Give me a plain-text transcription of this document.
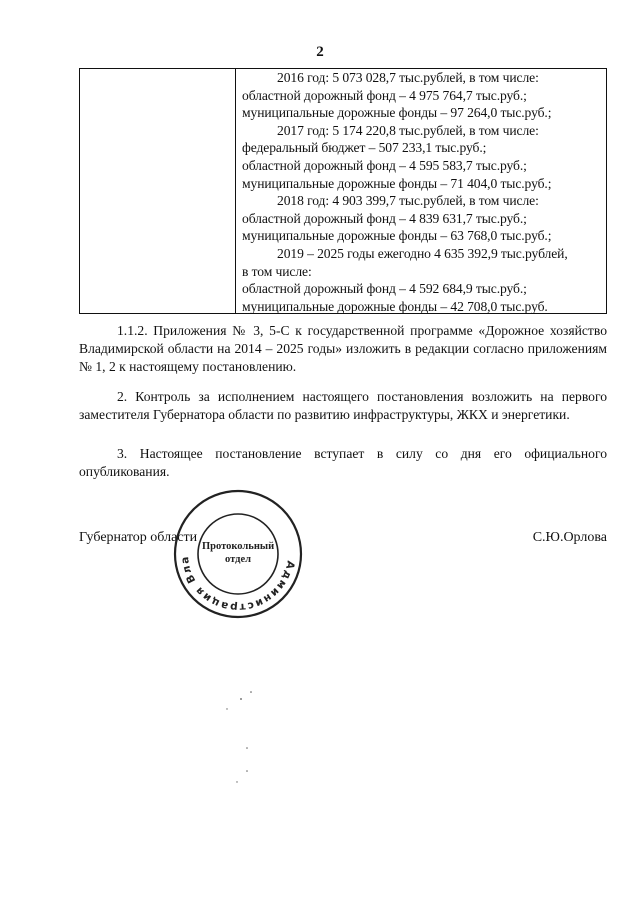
2
2016 год: 5 073 028,7 тыс.рублей, в том числе:
областной дорожный фонд – 4 975 764,7 тыс.руб.;
муниципальные дорожные фонды – 97 264,0 тыс.руб.;
2017 год: 5 174 220,8 тыс.рублей, в том числе:
федеральный бюджет – 507 233,1 тыс.руб.;
областной дорожный фонд – 4 595 583,7 тыс.руб.;
муниципальные дорожные фонды – 71 404,0 тыс.руб.;
2018 год: 4 903 399,7 тыс.рублей, в том числе:
областной дорожный фонд – 4 839 631,7 тыс.руб.;
муниципальные дорожные фонды – 63 768,0 тыс.руб.;
2019 – 2025 годы ежегодно 4 635 392,9 тыс.рублей,
в том числе:
областной дорожный фонд – 4 592 684,9 тыс.руб.;
муниципальные дорожные фонды – 42 708,0 тыс.руб.
1.1.2. Приложения № 3, 5-С к государственной программе «Дорожное хозяйство Владимирской области на 2014 – 2025 годы» изложить в редакции согласно приложениям № 1, 2 к настоящему постановлению.
2. Контроль за исполнением настоящего постановления возложить на первого заместителя Губернатора области по развитию инфраструктуры, ЖКХ и энергетики.
3. Настоящее постановление вступает в силу со дня его официального опубликования.
Губернатор области	С.Ю.Орлова
Администрация Вла
Протокольный
отдел
